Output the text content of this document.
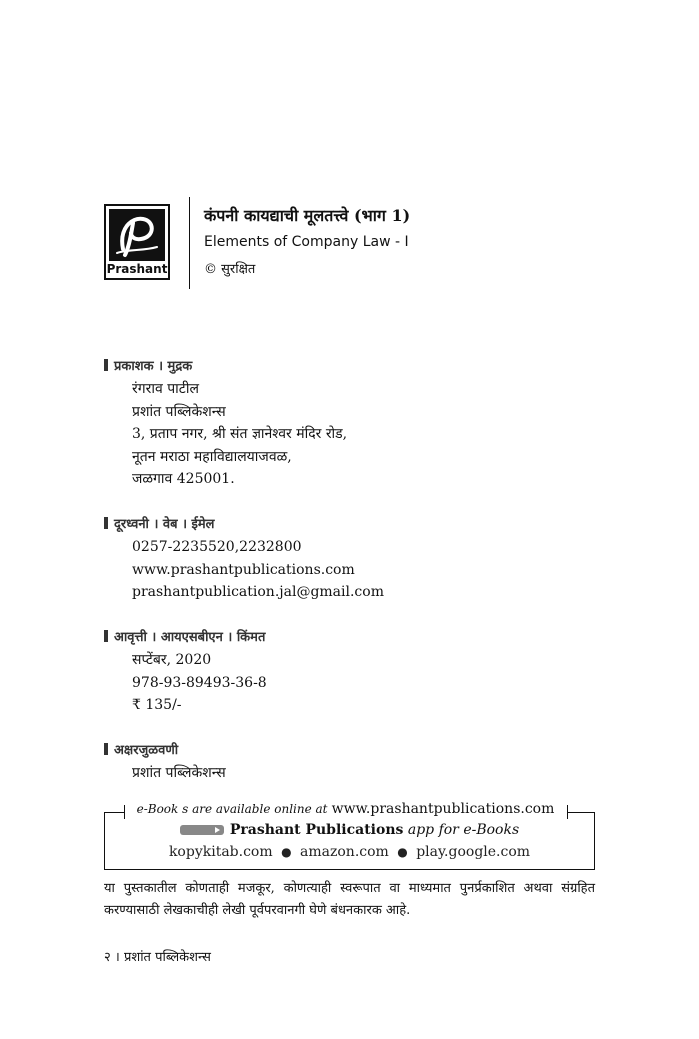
Prashant
कंपनी कायद्याची मूलतत्त्वे (भाग 1)
Elements of Company Law - I
© सुरक्षित
प्रकाशक । मुद्रक
रंगराव पाटील
प्रशांत पब्लिकेशन्स
3, प्रताप नगर, श्री संत ज्ञानेश्वर मंदिर रोड,
नूतन मराठा महाविद्यालयाजवळ,
जळगाव 425001.
दूरध्वनी । वेब । ईमेल
0257-2235520,2232800
www.prashantpublications.com
prashantpublication.jal@gmail.com
आवृत्ती । आयएसबीएन । किंमत
सप्टेंबर, 2020
978-93-89493-36-8
₹ 135/-
अक्षरजुळवणी
प्रशांत पब्लिकेशन्स
e-Book s are available online at www.prashantpublications.com
Prashant Publications app for e-Books
kopykitab.com ● amazon.com ● play.google.com
या पुस्तकातील कोणताही मजकूर, कोणत्याही स्वरूपात वा माध्यमात पुनर्प्रकाशित अथवा संग्रहित करण्यासाठी लेखकाचीही लेखी पूर्वपरवानगी घेणे बंधनकारक आहे.
२ । प्रशांत पब्लिकेशन्स
